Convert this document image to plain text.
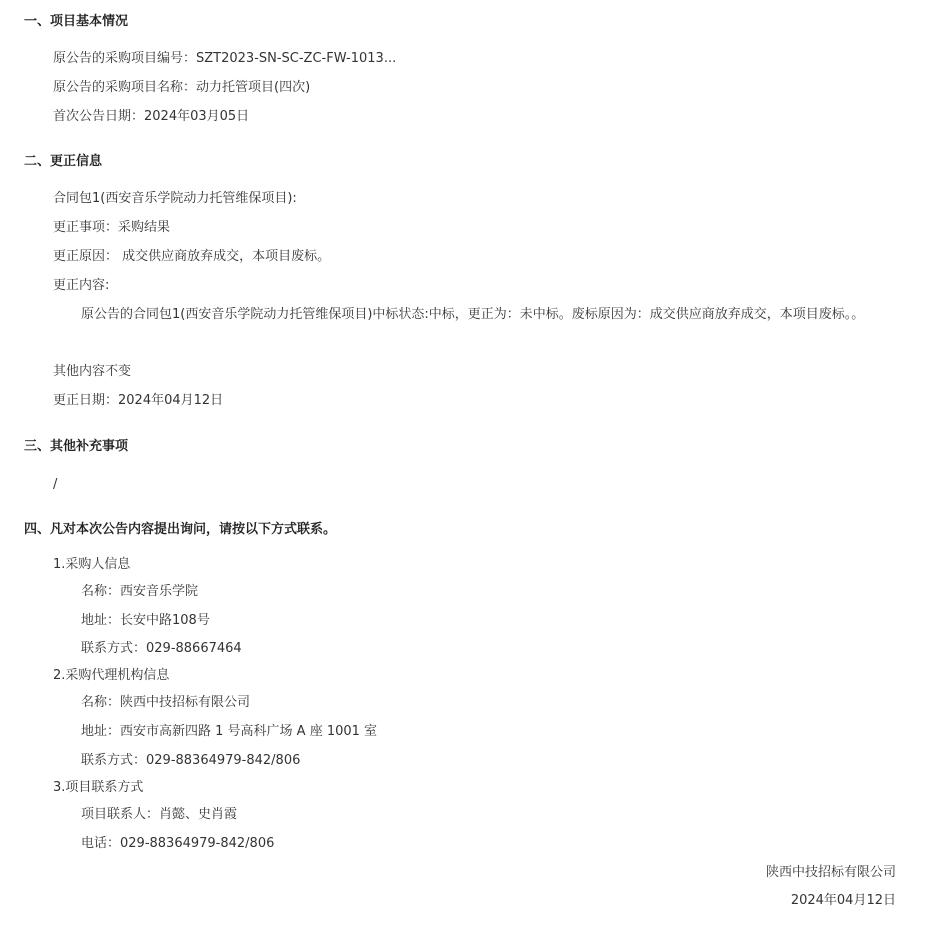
一、项目基本情况
原公告的采购项目编号：SZT2023-SN-SC-ZC-FW-1013...
原公告的采购项目名称：动力托管项目(四次)
首次公告日期：2024年03月05日
二、更正信息
合同包1(西安音乐学院动力托管维保项目):
更正事项：采购结果
更正原因： 成交供应商放弃成交，本项目废标。
更正内容:
原公告的合同包1(西安音乐学院动力托管维保项目)中标状态:中标，更正为：未中标。废标原因为：成交供应商放弃成交，本项目废标。。
其他内容不变
更正日期：2024年04月12日
三、其他补充事项
/
四、凡对本次公告内容提出询问，请按以下方式联系。
1.采购人信息
名称：西安音乐学院
地址：长安中路108号
联系方式：029-88667464
2.采购代理机构信息
名称：陕西中技招标有限公司
地址：西安市高新四路 1 号高科广场 A 座 1001 室
联系方式：029-88364979-842/806
3.项目联系方式
项目联系人：肖懿、史肖霞
电话：029-88364979-842/806
陕西中技招标有限公司
2024年04月12日
